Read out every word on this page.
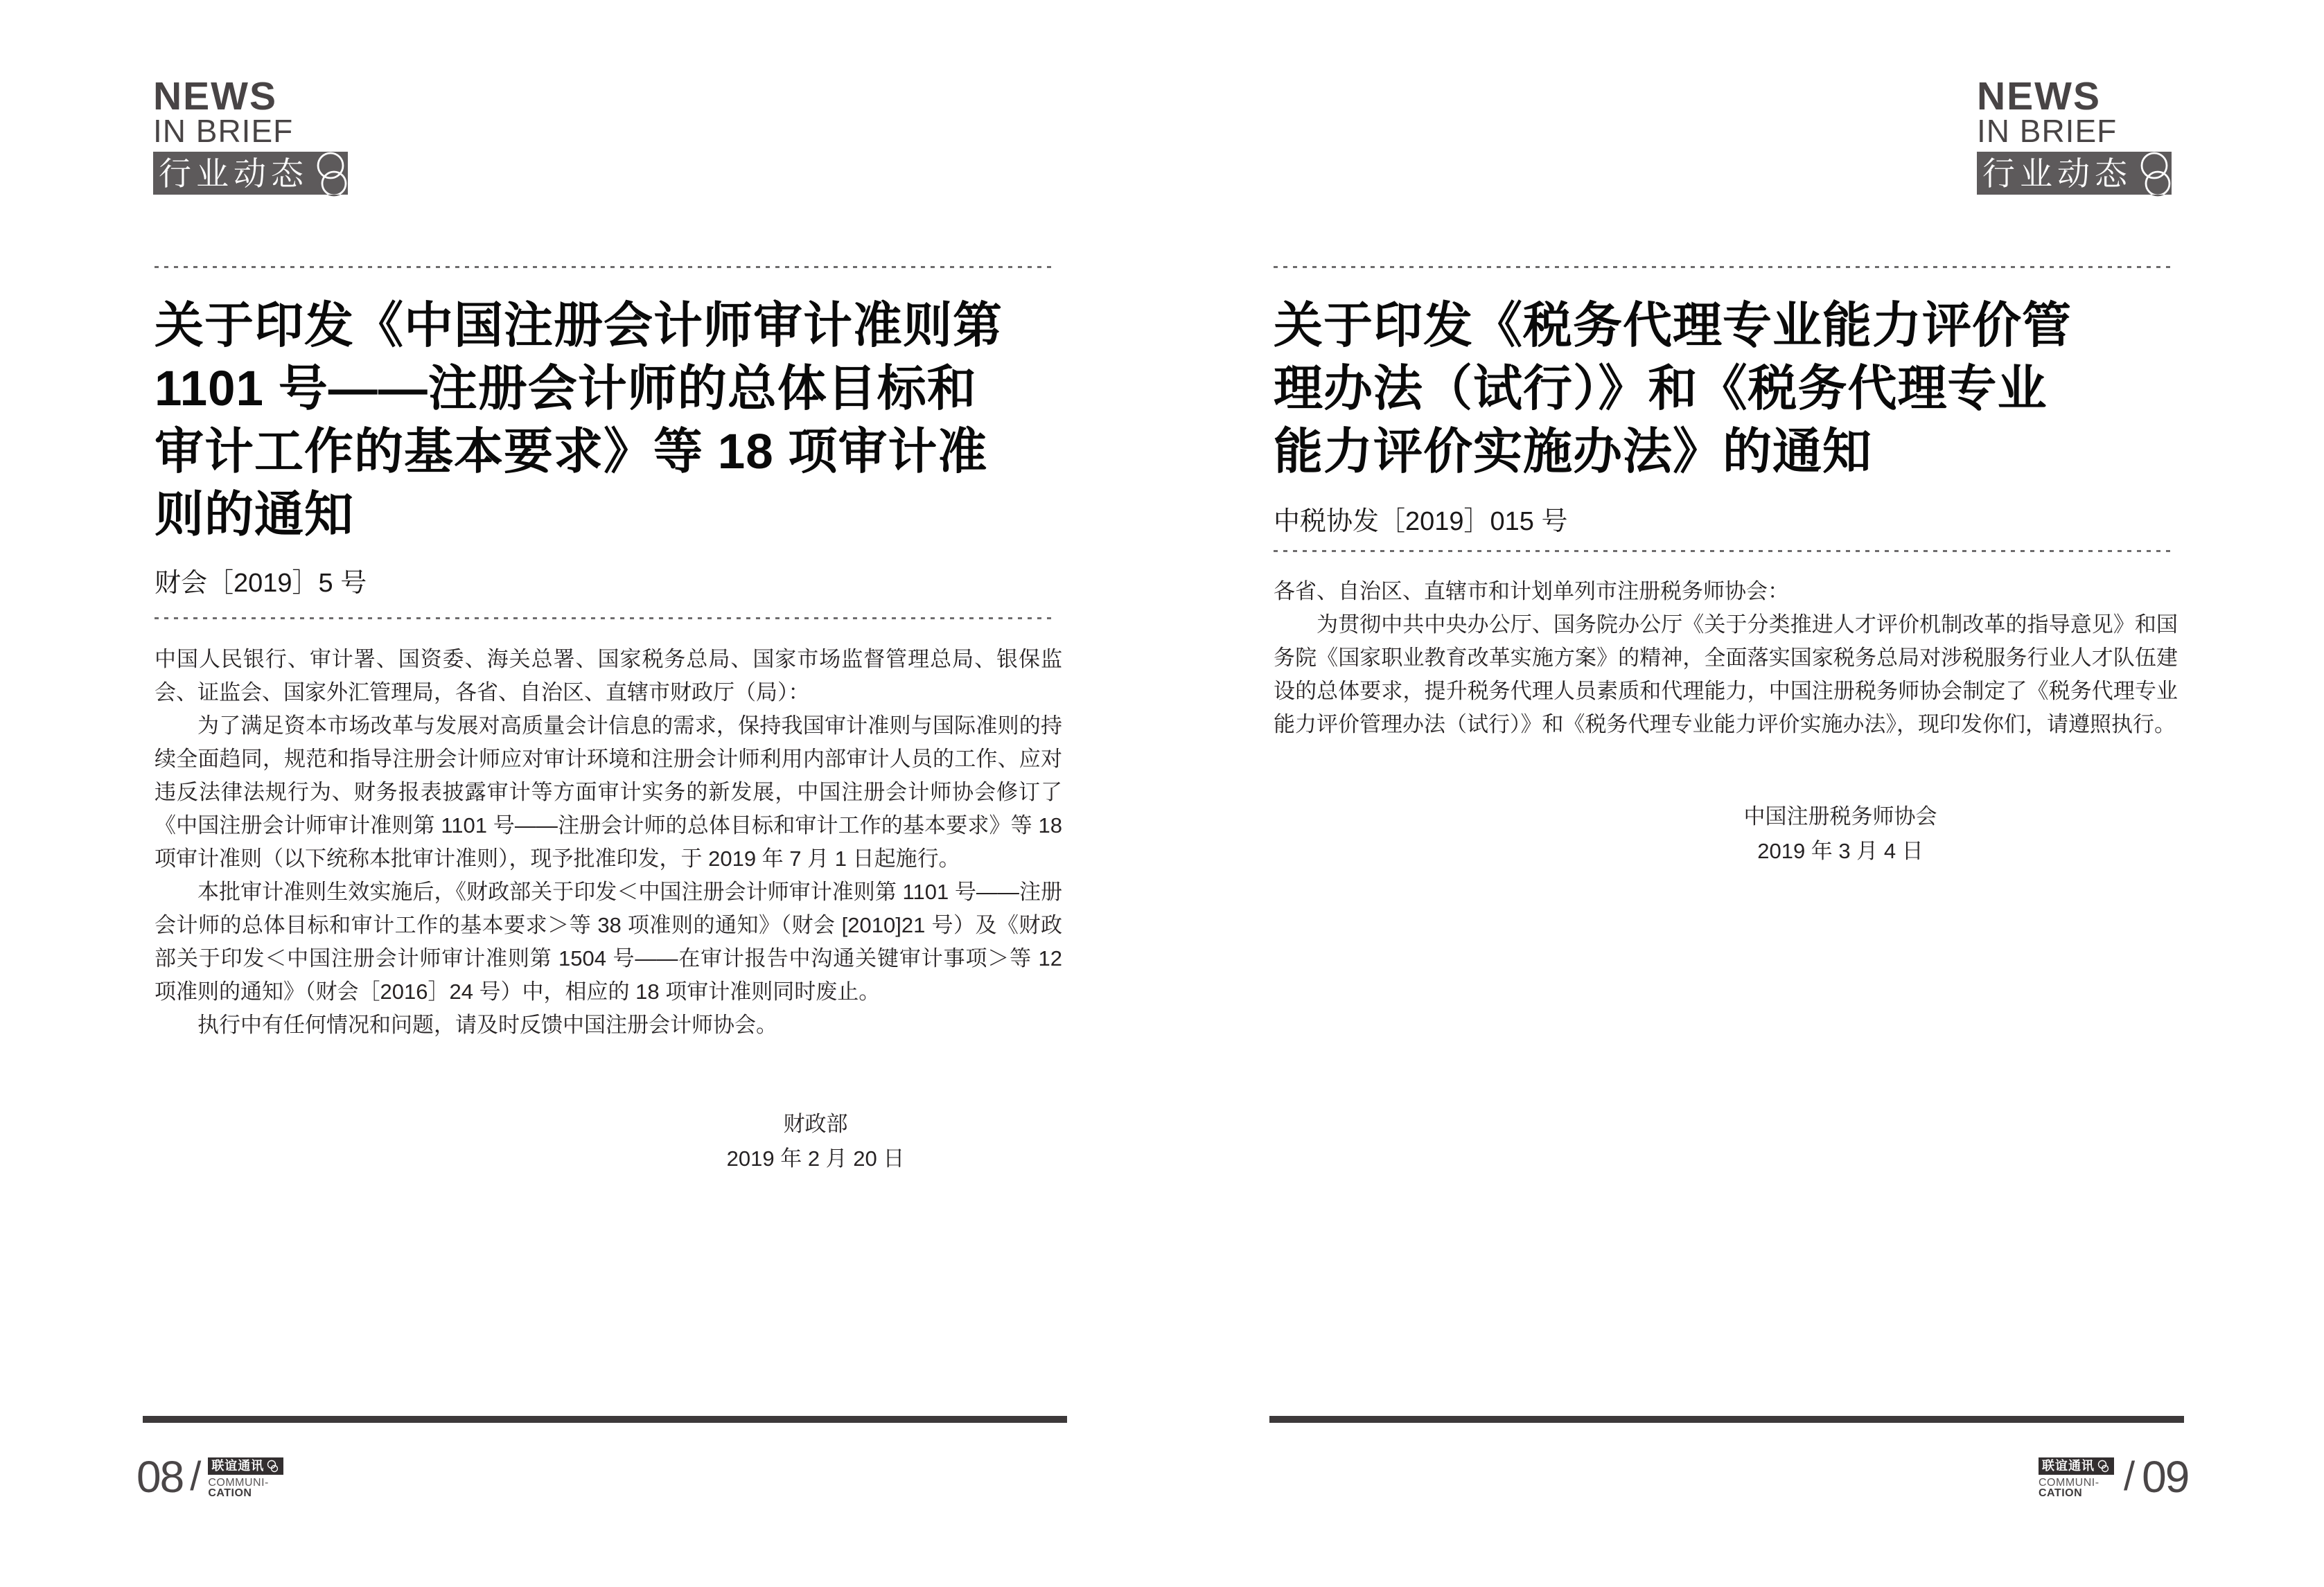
NEWS
IN BRIEF
行业动态
NEWS
IN BRIEF
行业动态
关于印发《中国注册会计师审计准则第
1101 号——注册会计师的总体目标和
审计工作的基本要求》等 18 项审计准
则的通知
财会［2019］5 号

中国人民银行、审计署、国资委、海关总署、国家税务总局、国家市场监督管理总局、银保监会、证监会、国家外汇管理局，各省、自治区、直辖市财政厅（局）：

为了满足资本市场改革与发展对高质量会计信息的需求，保持我国审计准则与国际准则的持续全面趋同，规范和指导注册会计师应对审计环境和注册会计师利用内部审计人员的工作、应对违反法律法规行为、财务报表披露审计等方面审计实务的新发展，中国注册会计师协会修订了《中国注册会计师审计准则第 1101 号——注册会计师的总体目标和审计工作的基本要求》等 18 项审计准则（以下统称本批审计准则），现予批准印发，于 2019 年 7 月 1 日起施行。

本批审计准则生效实施后，《财政部关于印发＜中国注册会计师审计准则第 1101 号——注册会计师的总体目标和审计工作的基本要求＞等 38 项准则的通知》（财会 [2010]21 号）及《财政部关于印发＜中国注册会计师审计准则第 1504 号——在审计报告中沟通关键审计事项＞等 12 项准则的通知》（财会［2016］24 号）中，相应的 18 项审计准则同时废止。

执行中有任何情况和问题，请及时反馈中国注册会计师协会。

财政部
2019 年 2 月 20 日
关于印发《税务代理专业能力评价管
理办法（试行）》和《税务代理专业
能力评价实施办法》的通知
中税协发［2019］015 号

各省、自治区、直辖市和计划单列市注册税务师协会：

为贯彻中共中央办公厅、国务院办公厅《关于分类推进人才评价机制改革的指导意见》和国务院《国家职业教育改革实施方案》的精神，全面落实国家税务总局对涉税服务行业人才队伍建设的总体要求，提升税务代理人员素质和代理能力，中国注册税务师协会制定了《税务代理专业能力评价管理办法（试行）》和《税务代理专业能力评价实施办法》，现印发你们，请遵照执行。

中国注册税务师协会
2019 年 3 月 4 日
08 / 联谊通讯
COMMUNI-
CATION
联谊通讯
COMMUNI-
CATION / 09
